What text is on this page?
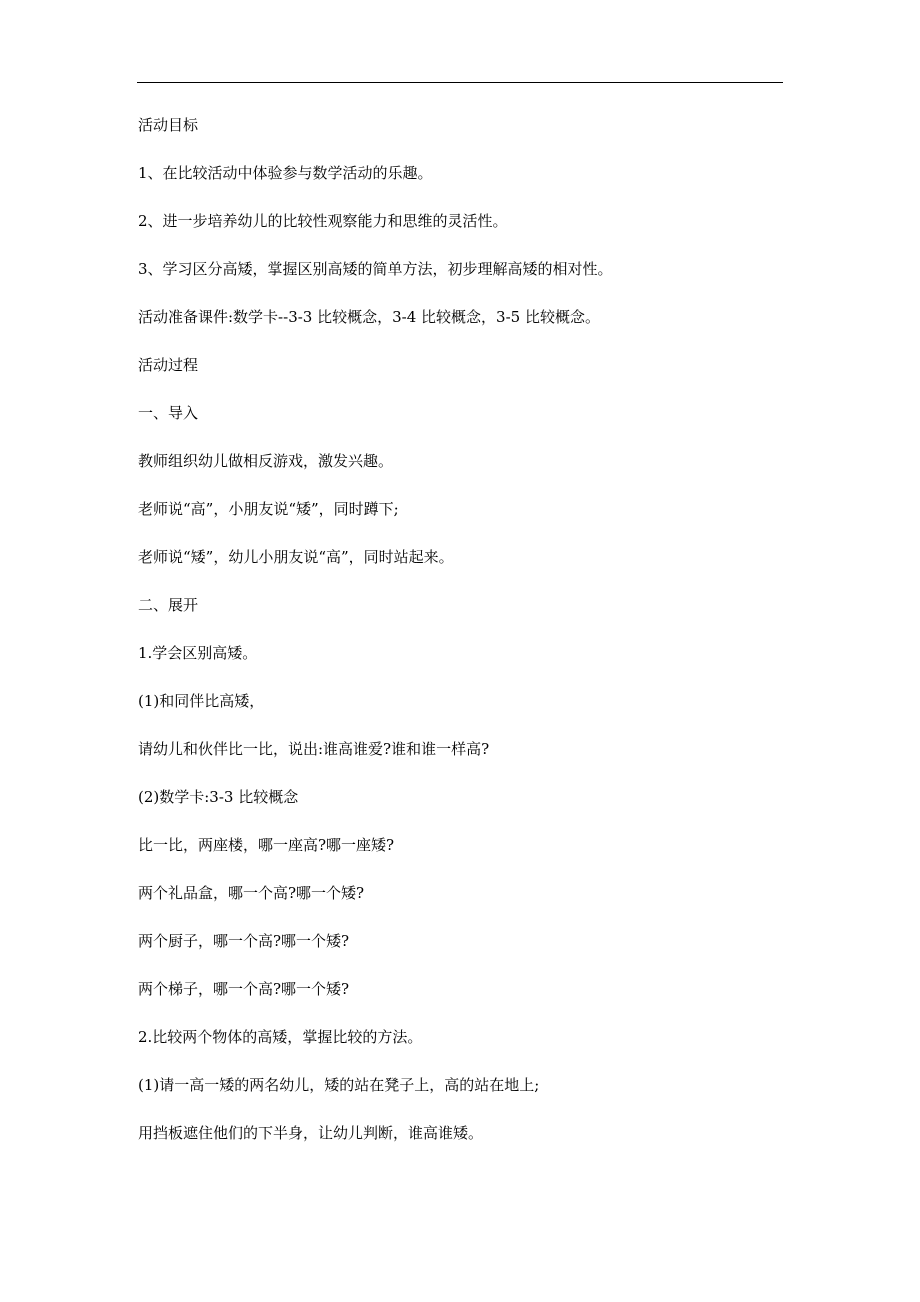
活动目标

1、在比较活动中体验参与数学活动的乐趣。

2、进一步培养幼儿的比较性观察能力和思维的灵活性。

3、学习区分高矮，掌握区别高矮的简单方法，初步理解高矮的相对性。

活动准备课件:数学卡--3-3 比较概念，3-4 比较概念，3-5 比较概念。

活动过程

一、导入

教师组织幼儿做相反游戏，激发兴趣。

老师说“高”，小朋友说“矮”，同时蹲下;

老师说“矮”，幼儿小朋友说“高”，同时站起来。

二、展开

1.学会区别高矮。

(1)和同伴比高矮，

请幼儿和伙伴比一比，说出:谁高谁爱?谁和谁一样高?

(2)数学卡:3-3 比较概念

比一比，两座楼，哪一座高?哪一座矮?

两个礼品盒，哪一个高?哪一个矮?

两个厨子，哪一个高?哪一个矮?

两个梯子，哪一个高?哪一个矮?

2.比较两个物体的高矮，掌握比较的方法。

(1)请一高一矮的两名幼儿，矮的站在凳子上，高的站在地上;

用挡板遮住他们的下半身，让幼儿判断，谁高谁矮。
